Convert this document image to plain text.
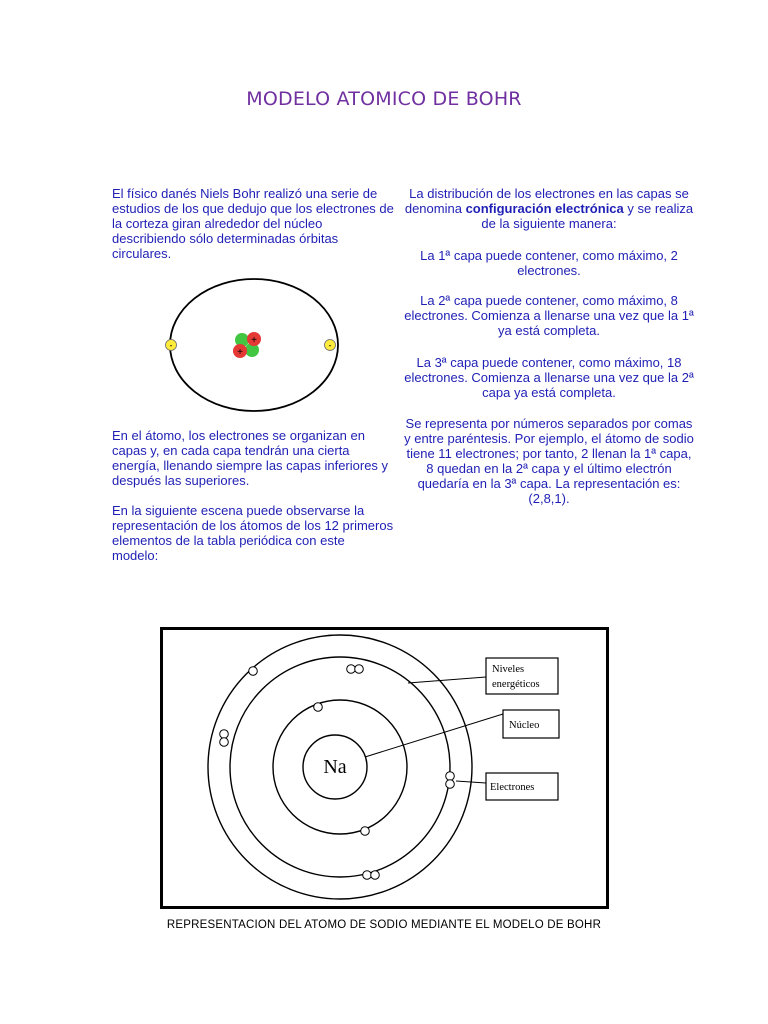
MODELO ATOMICO DE BOHR

El físico danés Niels Bohr realizó una serie de estudios de los que dedujo que los electrones de la corteza giran alrededor del núcleo describiendo sólo determinadas órbitas circulares.

-	-
+
+

En el átomo, los electrones se organizan en capas y, en cada capa tendrán una cierta energía, llenando siempre las capas inferiores y después las superiores.

En la siguiente escena puede observarse la representación de los átomos de los 12 primeros elementos de la tabla periódica con este modelo:

La distribución de los electrones en las capas se denomina configuración electrónica y se realiza de la siguiente manera:

La 1ª capa puede contener, como máximo, 2 electrones.

La 2ª capa puede contener, como máximo, 8 electrones. Comienza a llenarse una vez que la 1ª ya está completa.

La 3ª capa puede contener, como máximo, 18 electrones. Comienza a llenarse una vez que la 2ª capa ya está completa.

Se representa por números separados por comas y entre paréntesis. Por ejemplo, el átomo de sodio tiene 11 electrones; por tanto, 2 llenan la 1ª capa, 8 quedan en la 2ª capa y el último electrón quedaría en la 3ª capa. La representación es: (2,8,1).

Na
Niveles
energéticos
Núcleo
Electrones
REPRESENTACION DEL ATOMO DE SODIO MEDIANTE EL MODELO DE BOHR
